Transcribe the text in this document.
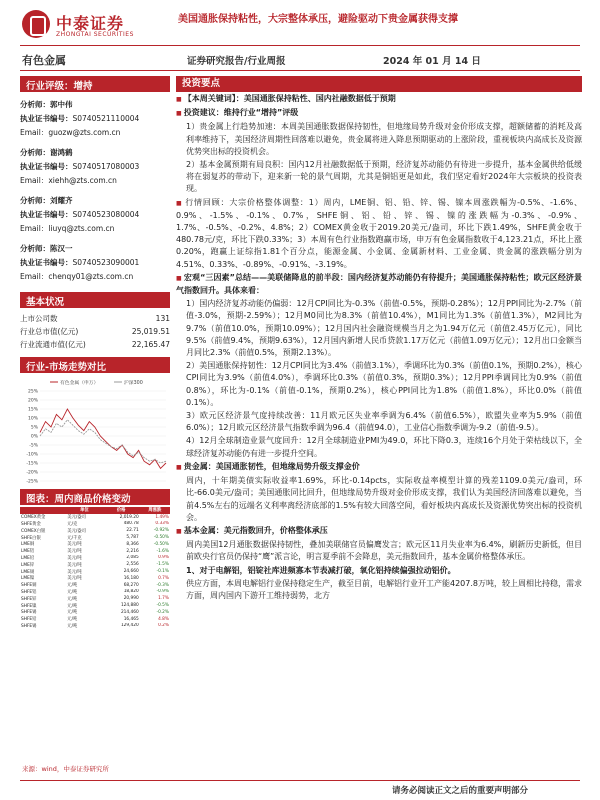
中泰证券
ZHONGTAI SECURITIES
美国通胀保持粘性，大宗整体承压，避险驱动下贵金属获得支撑
有色金属	证券研究报告/行业周报	2024 年 01 月 14 日
行业评级：增持
分析师：郭中伟
执业证书编号：S0740521110004
Email：guozw@zts.com.cn
分析师：谢鸿鹤
执业证书编号：S0740517080003
Email：xiehh@zts.com.cn
分析师：刘耀齐
执业证书编号：S0740523080004
Email：liuyq@zts.com.cn
分析师：陈汉一
执业证书编号：S0740523090001
Email：chenqy01@zts.com.cn
基本状况
上市公司数	131
行业总市值(亿元)	25,019.51
行业流通市值(亿元)	22,165.47
行业-市场走势对比
25%
20%
15%
10%
5%
0%
-5%
-10%
-15%
-20%
-25%
有色金属（申万）	沪深300
图表：周内商品价格变动
	单位	价格	周涨跌
COMEX黄金	美元/盎司	2,019.20	1.49%
SHFE黄金	元/克	480.78	0.33%
COMEX白银	美元/盎司	22.71	-0.92%
SHFE白银	元/千克	5,787	-0.50%
LME铜	美元/吨	8,366	-0.50%
LME铝	美元/吨	2,216	-1.6%
LME铅	美元/吨	2,085	0.9%
LME锌	美元/吨	2,556	-1.5%
LME锡	美元/吨	24,660	-0.1%
LME镍	美元/吨	16,180	0.7%
SHFE铜	元/吨	68,270	-0.3%
SHFE铝	元/吨	18,820	-0.9%
SHFE锌	元/吨	20,990	1.7%
SHFE镍	元/吨	124,880	-0.5%
SHFE锡	元/吨	214,460	-0.2%
SHFE铅	元/吨	16,465	4.8%
SHFE锡	元/吨	129,420	0.2%
来源：wind，中泰证券研究所
投资要点

■ 【本周关键词】：美国通胀保持粘性、国内社融数据低于预期

■ 投资建议：维持行业“增持”评级

1）贵金属上行趋势加速：本周美国通胀数据保持韧性，但地缘局势升级对金价形成支撑，超额储蓄的消耗及高利率维持下，美国经济周期性回落难以避免，贵金属将进入降息预期驱动的上涨阶段，重视板块内高成长及资源优势突出标的投资机会。

2）基本金属预期有局良积：国内12月社融数据低于预期，经济复苏动能仍有待进一步提升，基本金属供给低缓将在弱复苏的带动下，迎来新一轮的景气周期，尤其是铜铝更是如此，我们坚定看好2024年大宗板块的投资表现。

■ 行情回顾：大宗价格整体调整：1）周内，LME铜、铝、铅、锌、锡、镍本周涨跌幅为-0.5%、-1.6%、0.9%、-1.5%、-0.1%、0.7%，SHFE铜、铝、铅、锌、锡、镍的涨跌幅为-0.3%、-0.9%、1.7%、-0.5%、-0.2%、4.8%；2）COMEX黄金收于2019.20美元/盎司，环比下跌1.49%，SHFE黄金收于480.78元/克，环比下跌0.33%；3）本周有色行业指数跑赢市场，申万有色金属指数收于4,123.21点，环比上涨0.20%，跑赢上证综指1.81个百分点，能源金属、小金属、金属新材料、工业金属、贵金属的涨跌幅分别为4.51%、0.33%、-0.89%、-0.91%、-3.19%。

■ 宏观“三因素”总结——美联储降息的前半段：国内经济复苏动能仍有待提升；美国通胀保持粘性；欧元区经济景气指数回升。具体来看：

1）国内经济复苏动能仍偏弱：12月CPI同比为-0.3%（前值-0.5%，预期-0.28%）；12月PPI同比为-2.7%（前值-3.0%，预期-2.59%）；12月M0同比为8.3%（前值10.4%），M1同比为1.3%（前值1.3%），M2同比为9.7%（前值10.0%，预期10.09%）；12月国内社会融资规模当月之为1.94万亿元（前值2.45万亿元），同比9.5%（前值9.4%，预期9.63%），12月国内新增人民币贷款1.17万亿元（前值1.09万亿元）；12月出口金额当月同比2.3%（前值0.5%，预期2.13%）。

2）美国通胀保持韧性：12月CPI同比为3.4%（前值3.1%），季调环比为0.3%（前值0.1%，预期0.2%），核心CPI同比为3.9%（前值4.0%），季调环比0.3%（前值0.3%，预期0.3%）；12月PPI季调同比为0.9%（前值0.8%），环比为-0.1%（前值-0.1%，预期0.2%），核心PPI同比为1.8%（前值1.8%），环比0.0%（前值0.1%）。

3）欧元区经济景气度持续改善：11月欧元区失业率季调为6.4%（前值6.5%），欧盟失业率为5.9%（前值6.0%）；12月欧元区经济景气指数季调为96.4（前值94.0），工业信心指数季调为-9.2（前值-9.5）。

4）12月全球制造业景气度回升：12月全球制造业PMI为49.0，环比下降0.3，连续16个月处于荣枯线以下，全球经济复苏动能仍有进一步提升空间。

■ 贵金属：美国通胀韧性，但地缘局势升级支撑金价

周内，十年期美债实际收益率1.69%，环比-0.14pcts，实际收益率模型计算的残差1109.0美元/盎司，环比-66.0美元/盎司；美国通胀同比回升，但地缘局势升级对金价形成支撑，我们认为美国经济回落难以避免，当前4.5%左右的远端名义利率离经济底部的1.5%有较大回落空间，看好板块内高成长及资源优势突出标的投资机会。

■ 基本金属：美元指数回升，价格整体承压

周内美国12月通胀数据保持韧性，叠加美联储官员偏鹰发言；欧元区11月失业率为6.4%，刷新历史新低，但目前欧央行官员仍保持“鹰”派言论，明言夏季前不会降息，美元指数回升，基本金属价格整体承压。

1、对于电解铝，铝锭社库进频寡本节表减打破，氧化铝持续偏强拉动铝价。

供应方面，本周电解铝行业保持稳定生产，截至目前，电解铝行业开工产能4207.8万吨，较上周相比持稳，需求方面，周内国内下游开工维持弱势，北方

请务必阅读正文之后的重要声明部分
